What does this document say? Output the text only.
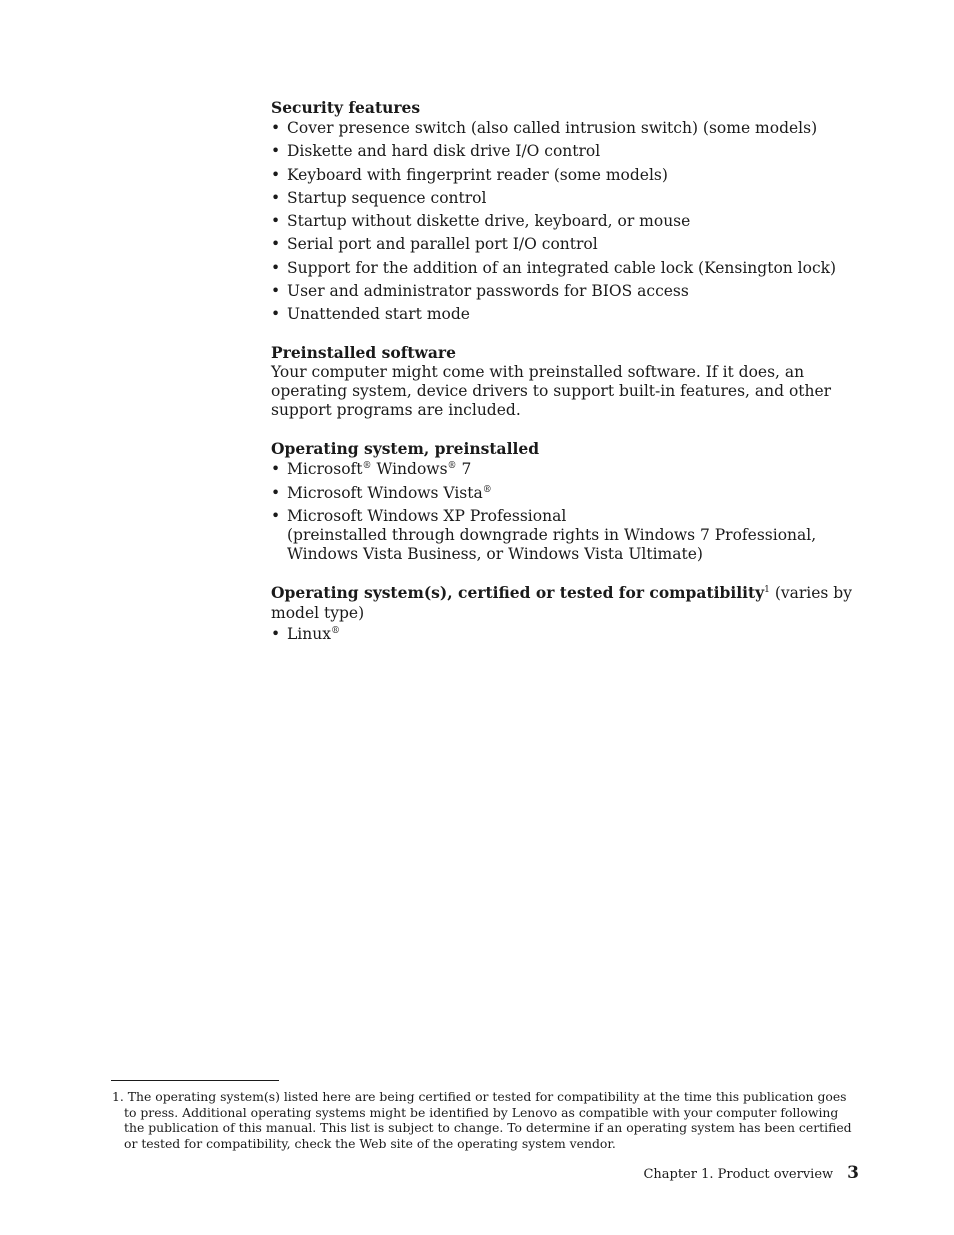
Security features

• Cover presence switch (also called intrusion switch) (some models)
• Diskette and hard disk drive I/O control
• Keyboard with fingerprint reader (some models)
• Startup sequence control
• Startup without diskette drive, keyboard, or mouse
• Serial port and parallel port I/O control
• Support for the addition of an integrated cable lock (Kensington lock)
• User and administrator passwords for BIOS access
• Unattended start mode

Preinstalled software

Your computer might come with preinstalled software. If it does, an operating system, device drivers to support built-in features, and other support programs are included.

Operating system, preinstalled

• Microsoft® Windows® 7
• Microsoft Windows Vista®
• Microsoft Windows XP Professional
(preinstalled through downgrade rights in Windows 7 Professional, Windows Vista Business, or Windows Vista Ultimate)

Operating system(s), certified or tested for compatibility$^1$ (varies by model type)

• Linux®

1. The operating system(s) listed here are being certified or tested for compatibility at the time this publication goes to press. Additional operating systems might be identified by Lenovo as compatible with your computer following the publication of this manual. This list is subject to change. To determine if an operating system has been certified or tested for compatibility, check the Web site of the operating system vendor.

Chapter 1. Product overview 3
